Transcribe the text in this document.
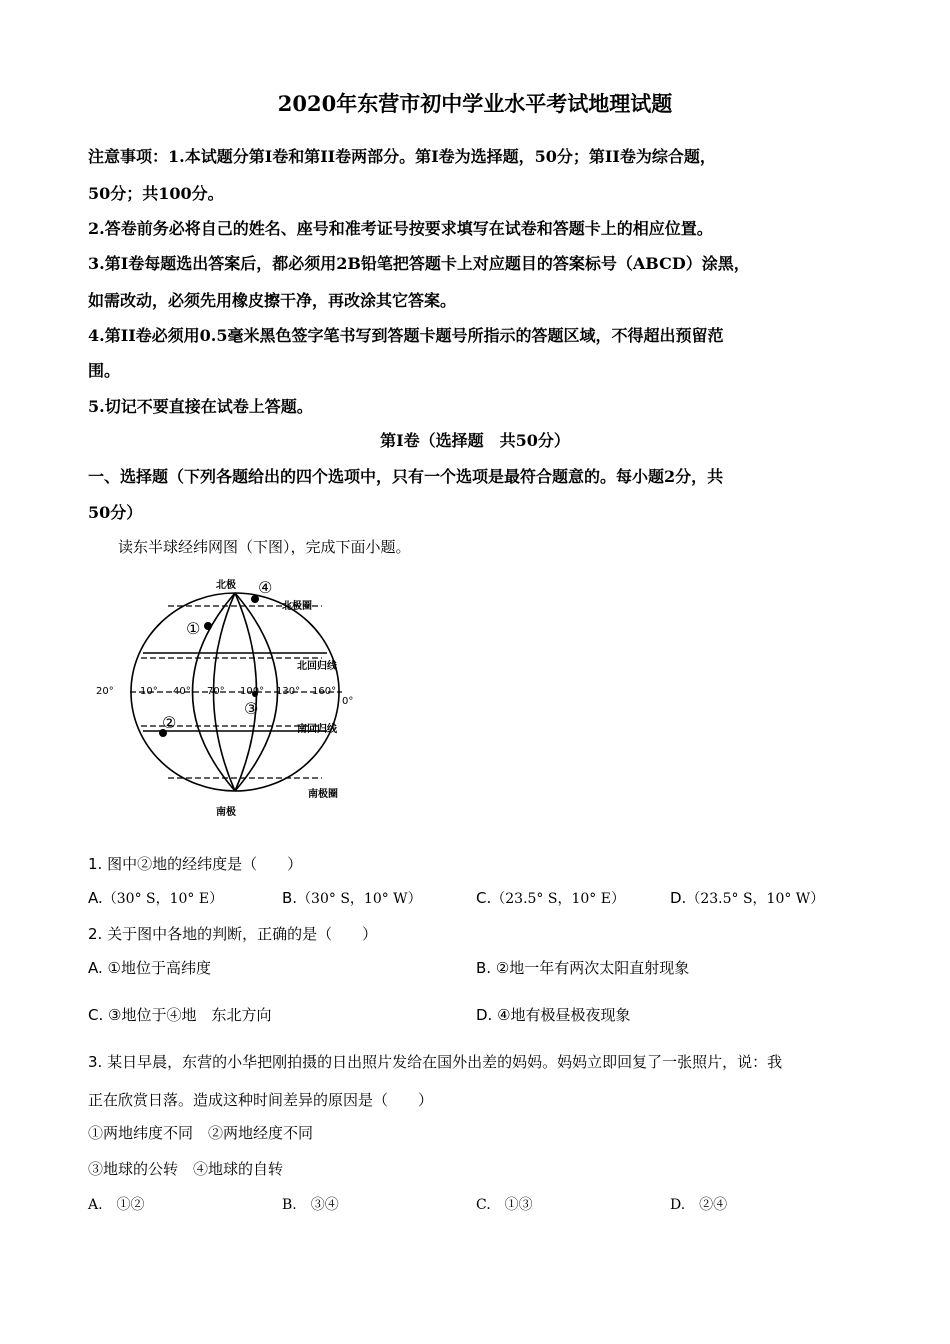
2020年东营市初中学业水平考试地理试题
注意事项：1.本试题分第Ⅰ卷和第II卷两部分。第Ⅰ卷为选择题，50分；第II卷为综合题，
50分；共100分。
2.答卷前务必将自己的姓名、座号和准考证号按要求填写在试卷和答题卡上的相应位置。
3.第Ⅰ卷每题选出答案后，都必须用2B铅笔把答题卡上对应题目的答案标号（ABCD）涂黑，
如需改动，必须先用橡皮擦干净，再改涂其它答案。
4.第II卷必须用0.5毫米黑色签字笔书写到答题卡题号所指示的答题区域，不得超出预留范
围。
5.切记不要直接在试卷上答题。
第Ⅰ卷（选择题　共50分）
一、选择题（下列各题给出的四个选项中，只有一个选项是最符合题意的。每小题2分，共
50分）
读东半球经纬网图（下图），完成下面小题。
北极
南极
北极圈
北回归线
南回归线
南极圈
20°	10° 40° 70° 100° 130° 160°
0°
①
②
③
④
1. 图中②地的经纬度是（　　）
A.（30° S，10° E）	B.（30° S，10° W）	C.（23.5° S，10° E）	D.（23.5° S，10° W）
2. 关于图中各地的判断，正确的是（　　）
A. ①地位于高纬度	B. ②地一年有两次太阳直射现象
C. ③地位于④地　东北方向	D. ④地有极昼极夜现象
3. 某日早晨，东营的小华把刚拍摄的日出照片发给在国外出差的妈妈。妈妈立即回复了一张照片，说：我
正在欣赏日落。造成这种时间差异的原因是（　　）
①两地纬度不同　②两地经度不同
③地球的公转　④地球的自转
A.　①②	B.　③④	C.　①③	D.　②④
